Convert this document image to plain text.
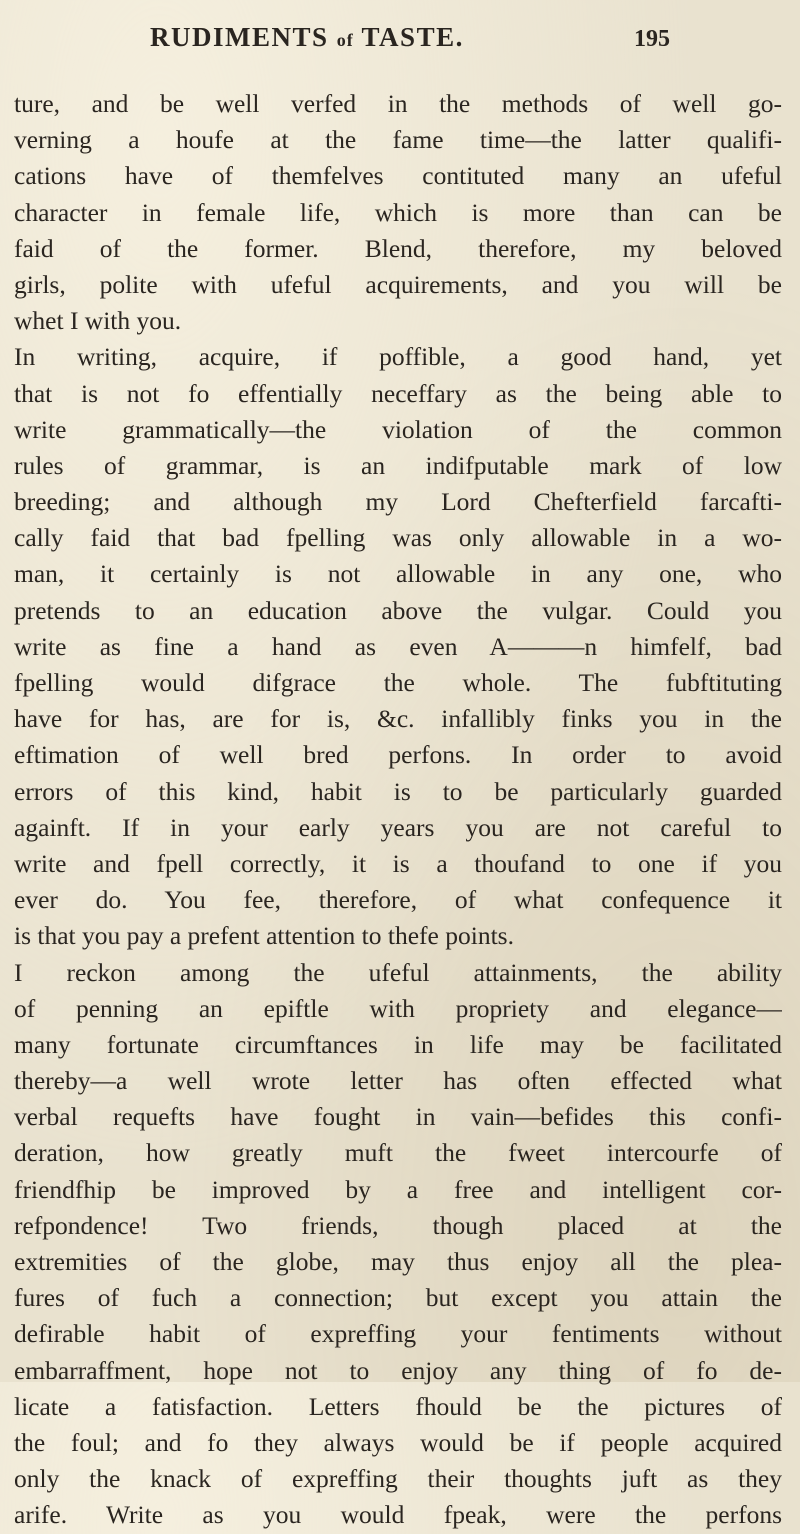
RUDIMENTS of TASTE.	195
ture, and be well verfed in the methods of well go-
verning a houfe at the fame time—the latter qualifi-
cations have of themfelves contituted many an ufeful
character in female life, which is more than can be
faid of the former. Blend, therefore, my beloved
girls, polite with ufeful acquirements, and you will be
whet I with you.
In writing, acquire, if poffible, a good hand, yet
that is not fo effentially neceffary as the being able to
write grammatically—the violation of the common
rules of grammar, is an indifputable mark of low
breeding; and although my Lord Chefterfield farcafti-
cally faid that bad fpelling was only allowable in a wo-
man, it certainly is not allowable in any one, who
pretends to an education above the vulgar. Could you
write as fine a hand as even A———n himfelf, bad
fpelling would difgrace the whole. The fubftituting
have for has, are for is, &c. infallibly finks you in the
eftimation of well bred perfons. In order to avoid
errors of this kind, habit is to be particularly guarded
againft. If in your early years you are not careful to
write and fpell correctly, it is a thoufand to one if you
ever do. You fee, therefore, of what confequence it
is that you pay a prefent attention to thefe points.
I reckon among the ufeful attainments, the ability
of penning an epiftle with propriety and elegance—
many fortunate circumftances in life may be facilitated
thereby—a well wrote letter has often effected what
verbal requefts have fought in vain—befides this confi-
deration, how greatly muft the fweet intercourfe of
friendfhip be improved by a free and intelligent cor-
refpondence! Two friends, though placed at the
extremities of the globe, may thus enjoy all the plea-
fures of fuch a connection; but except you attain the
defirable habit of expreffing your fentiments without
embarraffment, hope not to enjoy any thing of fo de-
licate a fatisfaction. Letters fhould be the pictures of
the foul; and fo they always would be if people acquired
only the knack of expreffing their thoughts juft as they
arife. Write as you would fpeak, were the perfons
